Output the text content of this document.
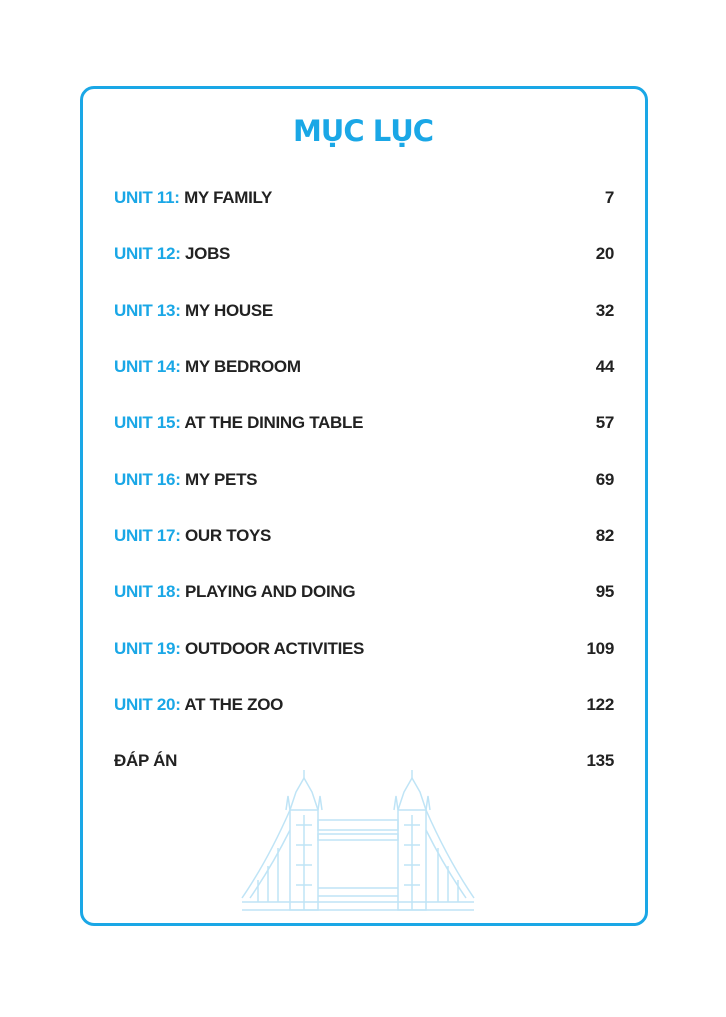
MỤC LỤC
UNIT 11: MY FAMILY	7
UNIT 12: JOBS	20
UNIT 13: MY HOUSE	32
UNIT 14: MY BEDROOM	44
UNIT 15: AT THE DINING TABLE	57
UNIT 16: MY PETS	69
UNIT 17: OUR TOYS	82
UNIT 18: PLAYING AND DOING	95
UNIT 19: OUTDOOR ACTIVITIES	109
UNIT 20: AT THE ZOO	122
ĐÁP ÁN	135
